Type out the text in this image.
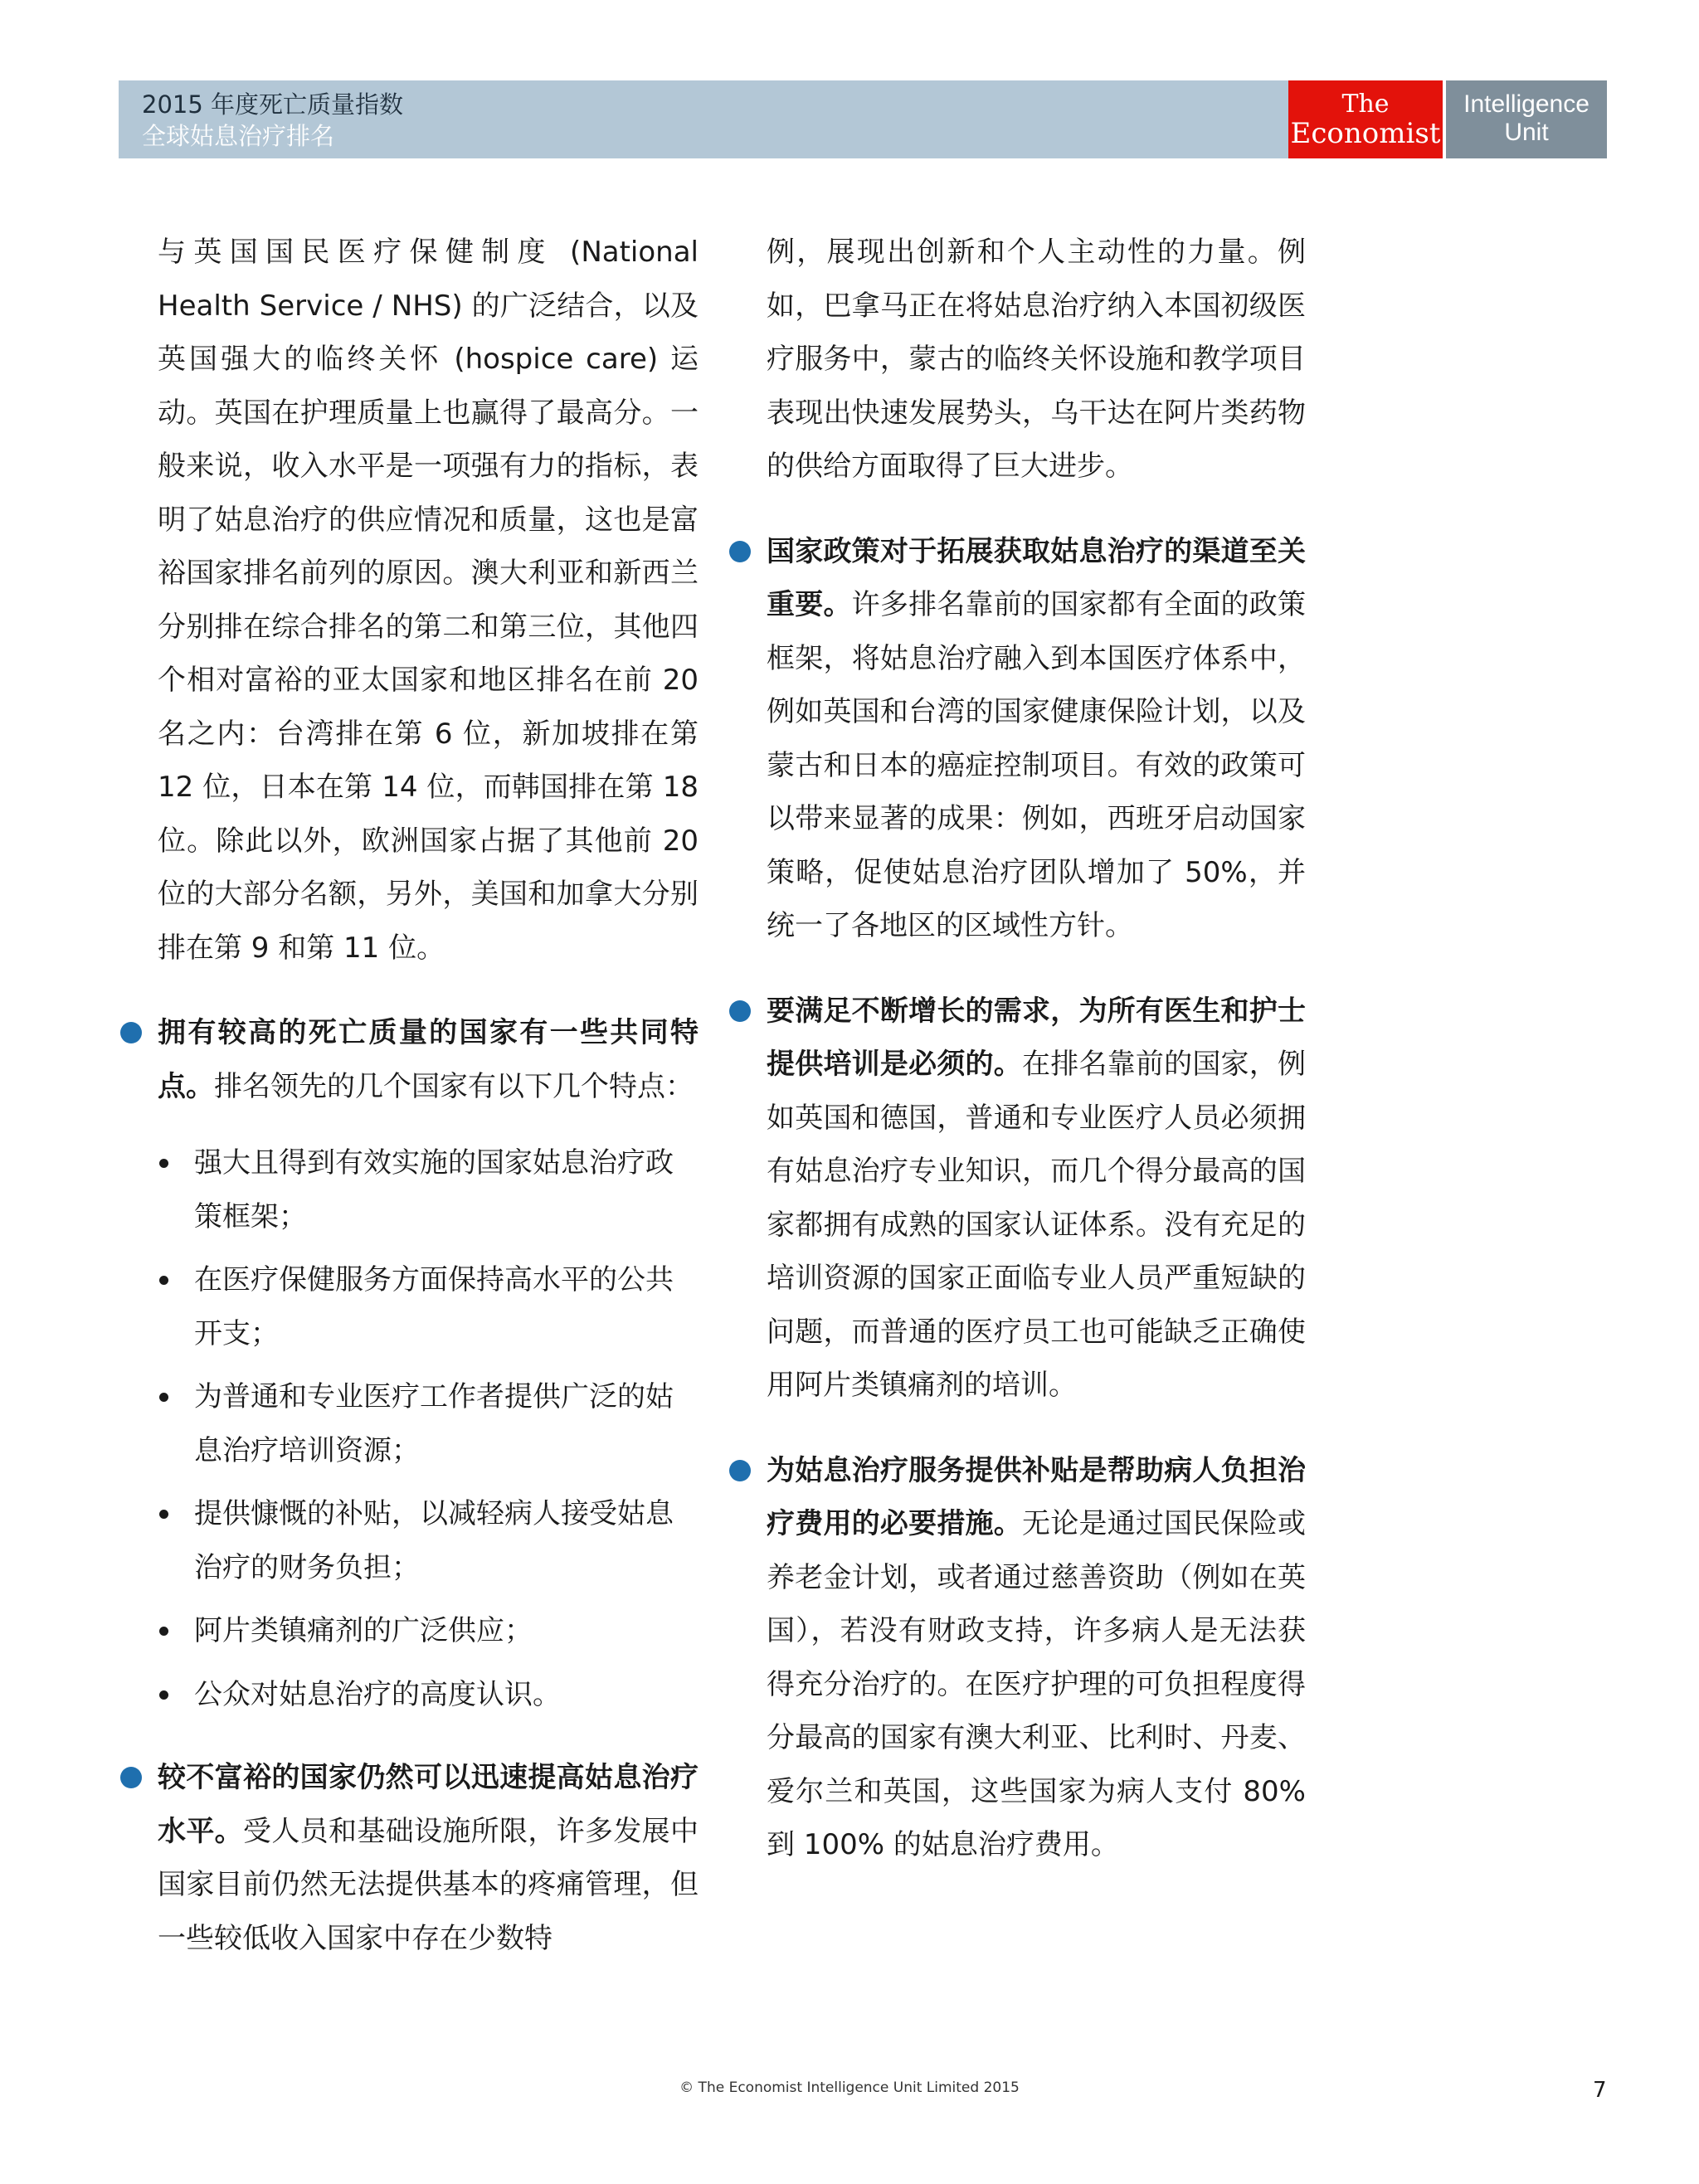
2015 年度死亡质量指数
全球姑息治疗排名
The
Economist
Intelligence
Unit

与英国国民医疗保健制度 (National Health Service / NHS) 的广泛结合，以及英国强大的临终关怀 (hospice care) 运动。英国在护理质量上也赢得了最高分。一般来说，收入水平是一项强有力的指标，表明了姑息治疗的供应情况和质量，这也是富裕国家排名前列的原因。澳大利亚和新西兰分别排在综合排名的第二和第三位，其他四个相对富裕的亚太国家和地区排名在前 20 名之内：台湾排在第 6 位，新加坡排在第 12 位，日本在第 14 位，而韩国排在第 18 位。除此以外，欧洲国家占据了其他前 20 位的大部分名额，另外，美国和加拿大分别排在第 9 和第 11 位。

拥有较高的死亡质量的国家有一些共同特点。排名领先的几个国家有以下几个特点：
强大且得到有效实施的国家姑息治疗政策框架；
在医疗保健服务方面保持高水平的公共开支；
为普通和专业医疗工作者提供广泛的姑息治疗培训资源；
提供慷慨的补贴，以减轻病人接受姑息治疗的财务负担；
阿片类镇痛剂的广泛供应；
公众对姑息治疗的高度认识。
较不富裕的国家仍然可以迅速提高姑息治疗水平。受人员和基础设施所限，许多发展中国家目前仍然无法提供基本的疼痛管理，但一些较低收入国家中存在少数特

例，展现出创新和个人主动性的力量。例如，巴拿马正在将姑息治疗纳入本国初级医疗服务中，蒙古的临终关怀设施和教学项目表现出快速发展势头，乌干达在阿片类药物的供给方面取得了巨大进步。

国家政策对于拓展获取姑息治疗的渠道至关重要。许多排名靠前的国家都有全面的政策框架，将姑息治疗融入到本国医疗体系中，例如英国和台湾的国家健康保险计划，以及蒙古和日本的癌症控制项目。有效的政策可以带来显著的成果：例如，西班牙启动国家策略，促使姑息治疗团队增加了 50%，并统一了各地区的区域性方针。
要满足不断增长的需求，为所有医生和护士提供培训是必须的。在排名靠前的国家，例如英国和德国，普通和专业医疗人员必须拥有姑息治疗专业知识，而几个得分最高的国家都拥有成熟的国家认证体系。没有充足的培训资源的国家正面临专业人员严重短缺的问题，而普通的医疗员工也可能缺乏正确使用阿片类镇痛剂的培训。
为姑息治疗服务提供补贴是帮助病人负担治疗费用的必要措施。无论是通过国民保险或养老金计划，或者通过慈善资助（例如在英国），若没有财政支持，许多病人是无法获得充分治疗的。在医疗护理的可负担程度得分最高的国家有澳大利亚、比利时、丹麦、爱尔兰和英国，这些国家为病人支付 80% 到 100% 的姑息治疗费用。
© The Economist Intelligence Unit Limited 2015	7
